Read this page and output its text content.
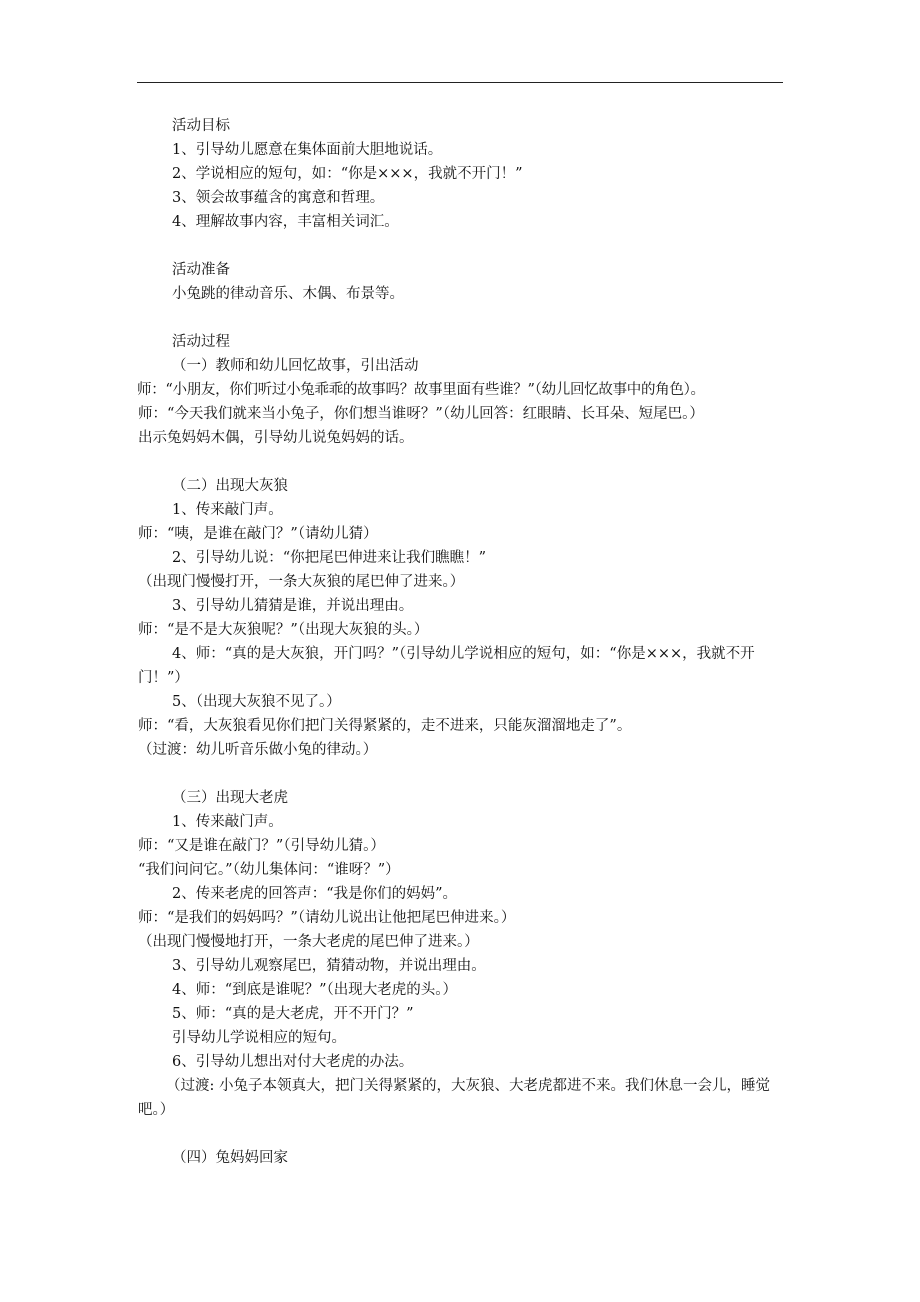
活动目标
1、引导幼儿愿意在集体面前大胆地说话。
2、学说相应的短句，如：“你是×××，我就不开门！”
3、领会故事蕴含的寓意和哲理。
4、理解故事内容，丰富相关词汇。
活动准备
小兔跳的律动音乐、木偶、布景等。
活动过程
（一）教师和幼儿回忆故事，引出活动
师：“小朋友，你们听过小兔乖乖的故事吗？故事里面有些谁？”（幼儿回忆故事中的角色）。
师：“今天我们就来当小兔子，你们想当谁呀？”（幼儿回答：红眼睛、长耳朵、短尾巴。）
出示兔妈妈木偶，引导幼儿说兔妈妈的话。
（二）出现大灰狼
1、传来敲门声。
师：“咦，是谁在敲门？”（请幼儿猜）
2、引导幼儿说：“你把尾巴伸进来让我们瞧瞧！”
（出现门慢慢打开，一条大灰狼的尾巴伸了进来。）
3、引导幼儿猜猜是谁，并说出理由。
师：“是不是大灰狼呢？”（出现大灰狼的头。）
4、师：“真的是大灰狼，开门吗？”（引导幼儿学说相应的短句，如：“你是×××，我就不开门！”）
5、（出现大灰狼不见了。）
师：“看，大灰狼看见你们把门关得紧紧的，走不进来，只能灰溜溜地走了”。
（过渡：幼儿听音乐做小兔的律动。）
（三）出现大老虎
1、传来敲门声。
师：“又是谁在敲门？”（引导幼儿猜。）
“我们问问它。”（幼儿集体问：“谁呀？”）
2、传来老虎的回答声：“我是你们的妈妈”。
师：“是我们的妈妈吗？”（请幼儿说出让他把尾巴伸进来。）
（出现门慢慢地打开，一条大老虎的尾巴伸了进来。）
3、引导幼儿观察尾巴，猜猜动物，并说出理由。
4、师：“到底是谁呢？”（出现大老虎的头。）
5、师：“真的是大老虎，开不开门？”
引导幼儿学说相应的短句。
6、引导幼儿想出对付大老虎的办法。
（过渡: 小兔子本领真大，把门关得紧紧的，大灰狼、大老虎都进不来。我们休息一会儿，睡觉吧。）
（四）兔妈妈回家
